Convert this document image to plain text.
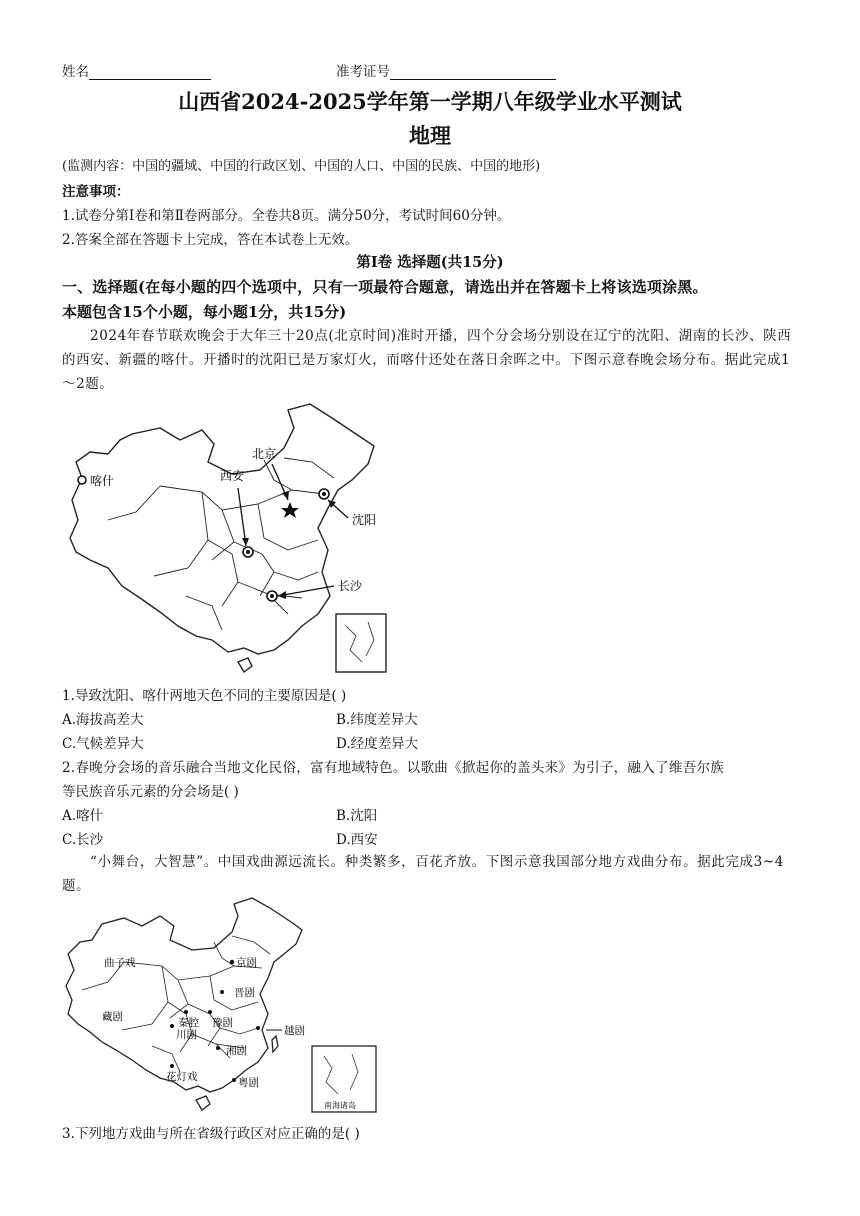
姓名	准考证号
山西省2024-2025学年第一学期八年级学业水平测试
地理
(监测内容：中国的疆域、中国的行政区划、中国的人口、中国的民族、中国的地形)
注意事项：
1.试卷分第Ⅰ卷和第Ⅱ卷两部分。全卷共8页。满分50分，考试时间60分钟。
2.答案全部在答题卡上完成，答在本试卷上无效。
第Ⅰ卷 选择题(共15分)
一、选择题(在每小题的四个选项中，只有一项最符合题意，请选出并在答题卡上将该选项涂黑。
本题包含15个小题，每小题1分，共15分)
2024年春节联欢晚会于大年三十20点(北京时间)准时开播，四个分会场分别设在辽宁的沈阳、湖南的长沙、陕西的西安、新疆的喀什。开播时的沈阳已是万家灯火，而喀什还处在落日余晖之中。下图示意春晚会场分布。据此完成1～2题。
喀什	西安
北京
沈阳
长沙
1.导致沈阳、喀什两地天色不同的主要原因是( )
A.海拔高差大	B.纬度差异大
C.气候差异大	D.经度差异大
2.春晚分会场的音乐融合当地文化民俗，富有地域特色。以歌曲《掀起你的盖头来》为引子，融入了维吾尔族
等民族音乐元素的分会场是( )
A.喀什	B.沈阳
C.长沙	D.西安
“小舞台，大智慧”。中国戏曲源远流长。种类繁多，百花齐放。下图示意我国部分地方戏曲分布。据此完成3~4题。
曲子戏	京剧
晋剧
豫剧
秦腔
藏剧
川剧	越剧
湘剧
花灯戏	粤剧
南海诸岛
3.下列地方戏曲与所在省级行政区对应正确的是( )
